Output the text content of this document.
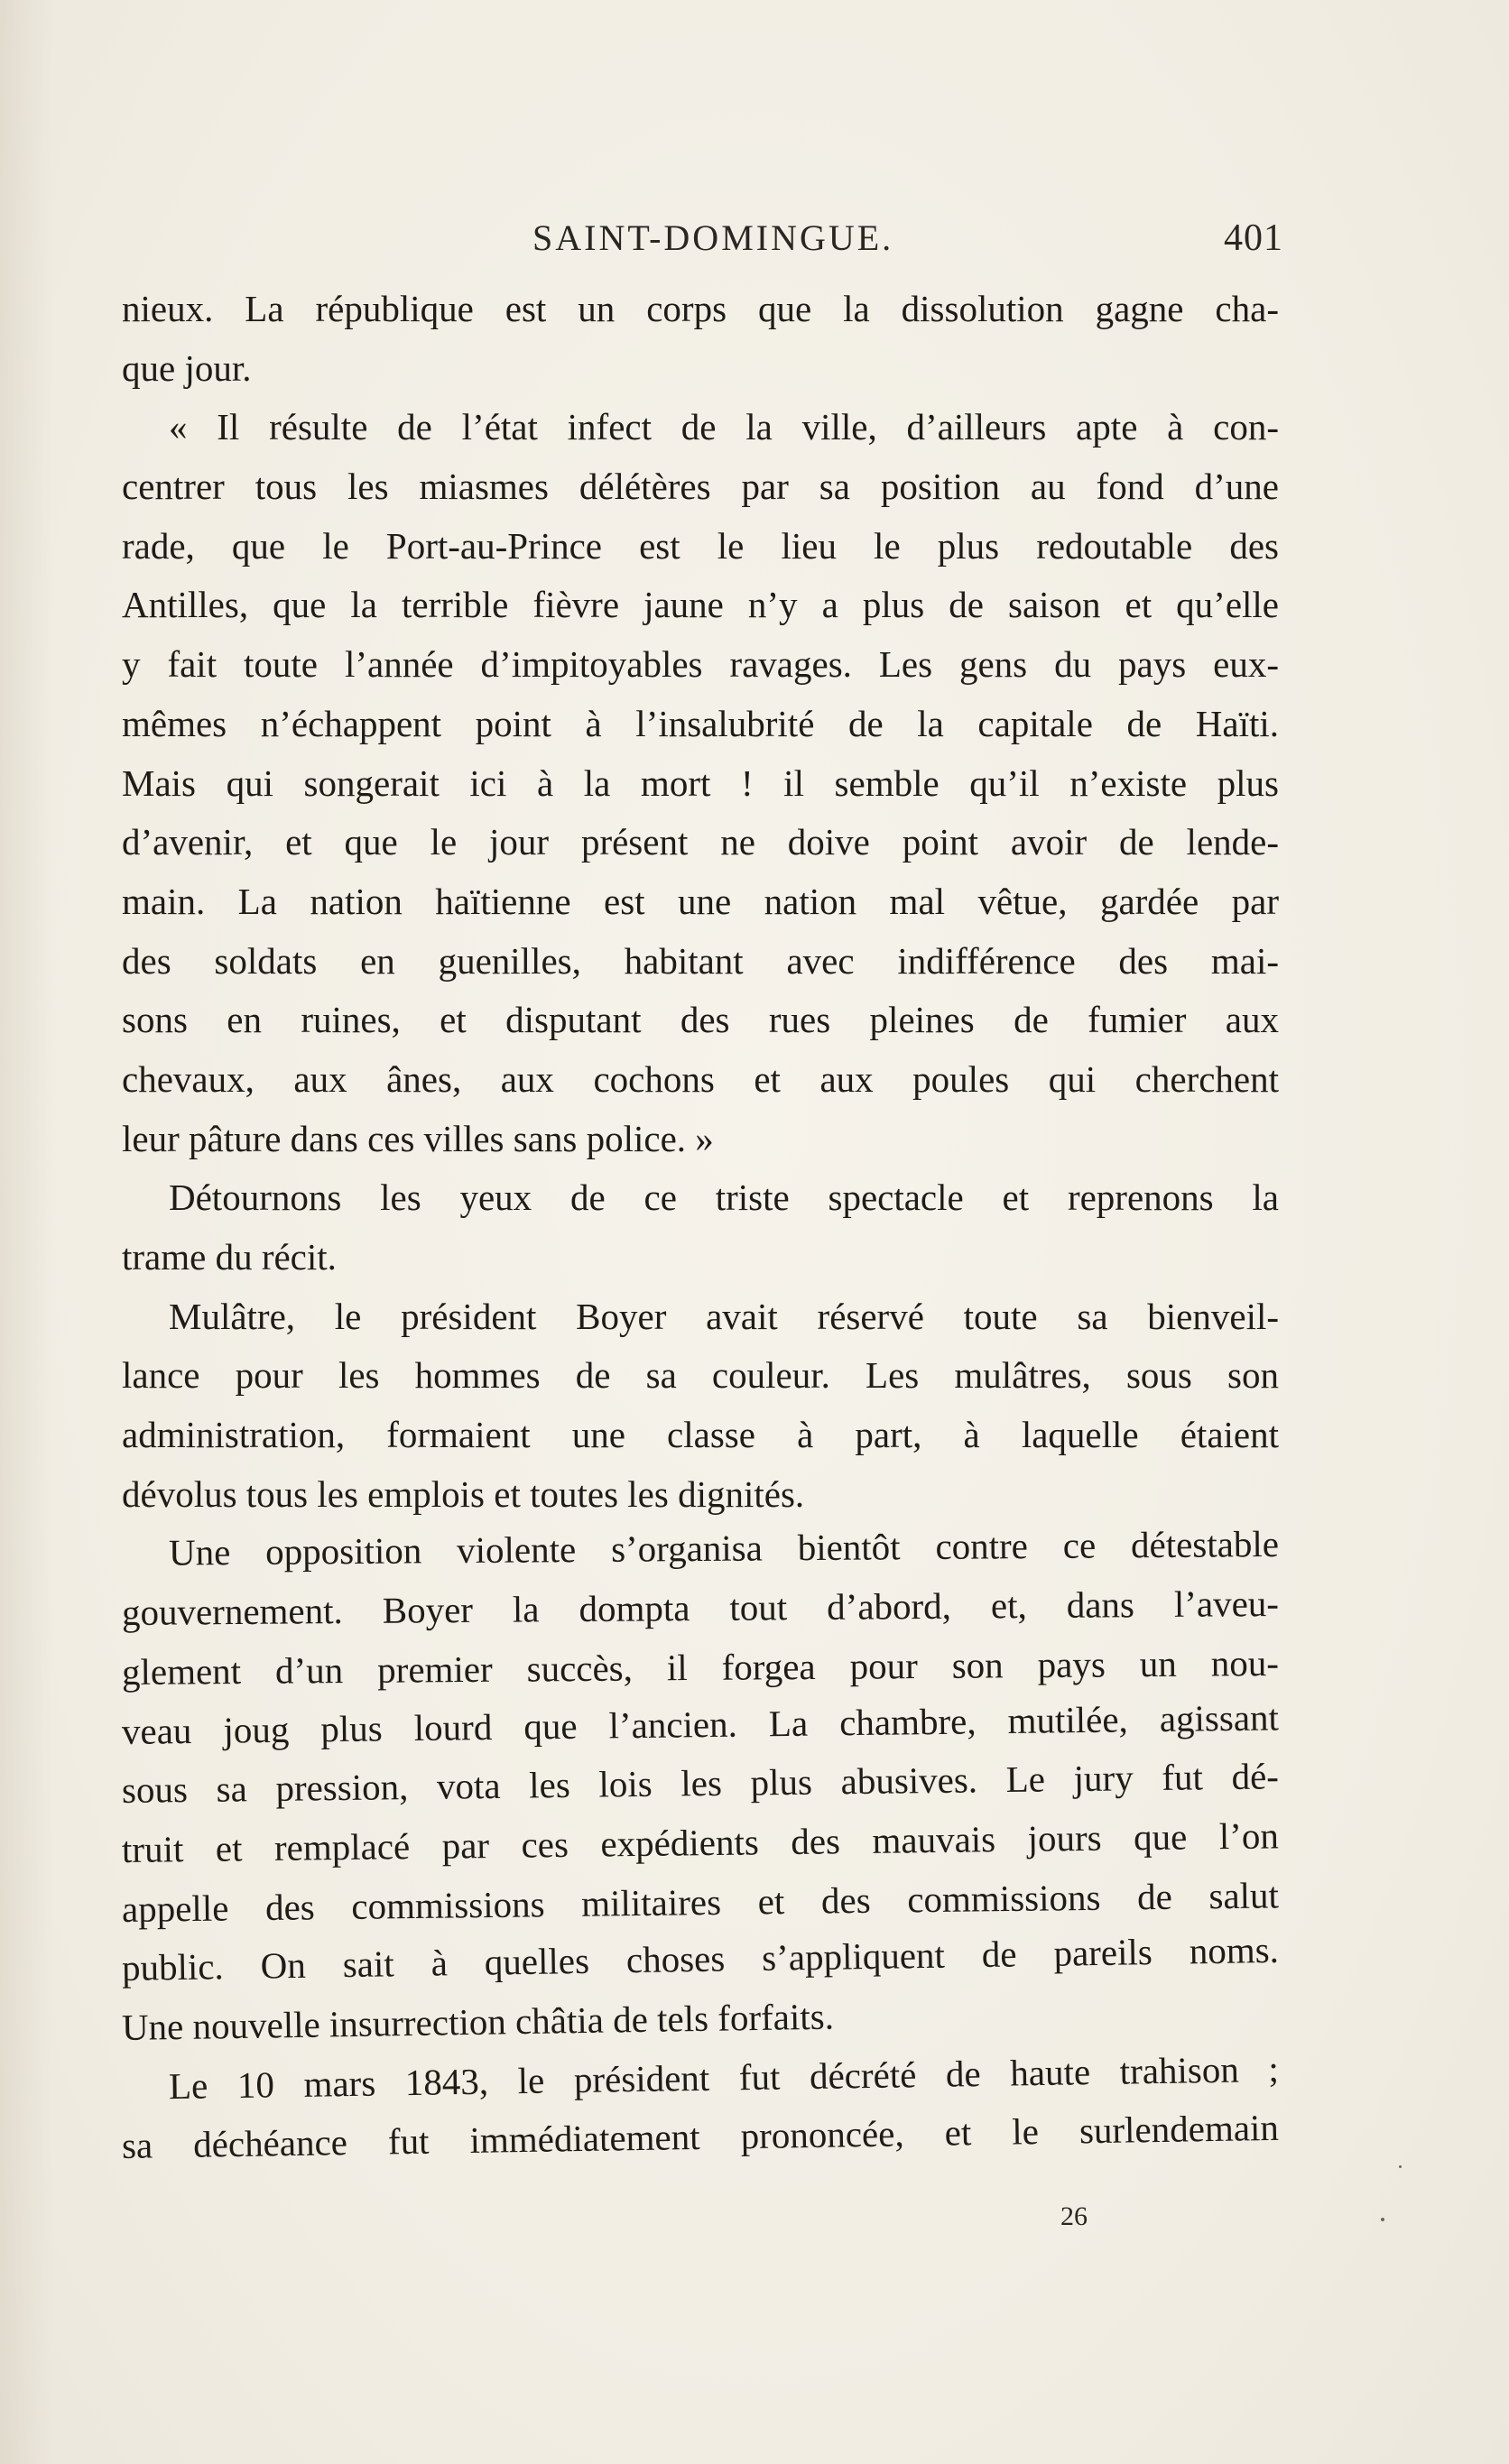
SAINT-DOMINGUE.	401
nieux. La république est un corps que la dissolution gagne cha-
que jour.
« Il résulte de l’état infect de la ville, d’ailleurs apte à con-
centrer tous les miasmes délétères par sa position au fond d’une
rade, que le Port-au-Prince est le lieu le plus redoutable des
Antilles, que la terrible fièvre jaune n’y a plus de saison et qu’elle
y fait toute l’année d’impitoyables ravages. Les gens du pays eux-
mêmes n’échappent point à l’insalubrité de la capitale de Haïti.
Mais qui songerait ici à la mort ! il semble qu’il n’existe plus
d’avenir, et que le jour présent ne doive point avoir de lende-
main. La nation haïtienne est une nation mal vêtue, gardée par
des soldats en guenilles, habitant avec indifférence des mai-
sons en ruines, et disputant des rues pleines de fumier aux
chevaux, aux ânes, aux cochons et aux poules qui cherchent
leur pâture dans ces villes sans police. »
Détournons les yeux de ce triste spectacle et reprenons la
trame du récit.
Mulâtre, le président Boyer avait réservé toute sa bienveil-
lance pour les hommes de sa couleur. Les mulâtres, sous son
administration, formaient une classe à part, à laquelle étaient
dévolus tous les emplois et toutes les dignités.
Une opposition violente s’organisa bientôt contre ce détestable
gouvernement. Boyer la dompta tout d’abord, et, dans l’aveu-
glement d’un premier succès, il forgea pour son pays un nou-
veau joug plus lourd que l’ancien. La chambre, mutilée, agissant
sous sa pression, vota les lois les plus abusives. Le jury fut dé-
truit et remplacé par ces expédients des mauvais jours que l’on
appelle des commissions militaires et des commissions de salut
public. On sait à quelles choses s’appliquent de pareils noms.
Une nouvelle insurrection châtia de tels forfaits.
Le 10 mars 1843, le président fut décrété de haute trahison ;
sa déchéance fut immédiatement prononcée, et le surlendemain
26
